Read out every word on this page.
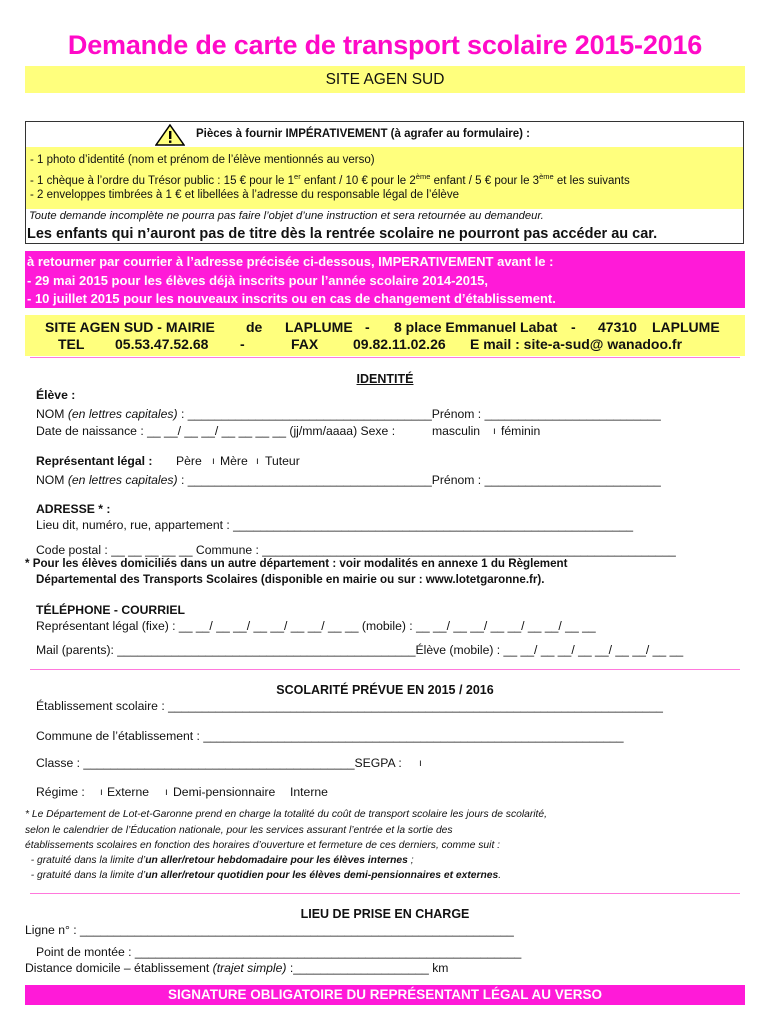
Demande de carte de transport scolaire 2015-2016
SITE AGEN SUD
Pièces à fournir IMPÉRATIVEMENT (à agrafer au formulaire) :
- 1 photo d’identité (nom et prénom de l’élève mentionnés au verso)
- 1 chèque à l’ordre du Trésor public : 15 € pour le 1er enfant / 10 € pour le 2ème enfant / 5 € pour le 3ème et les suivants
- 2 enveloppes timbrées à 1 € et libellées à l’adresse du responsable légal de l’élève
Toute demande incomplète ne pourra pas faire l’objet d’une instruction et sera retournée au demandeur.
Les enfants qui n’auront pas de titre dès la rentrée scolaire ne pourront pas accéder au car.
à retourner par courrier à l’adresse précisée ci-dessous, IMPERATIVEMENT avant le :
- 29 mai 2015 pour les élèves déjà inscrits pour l’année scolaire 2014-2015,
- 10 juillet 2015 pour les nouveaux inscrits ou en cas de changement d’établissement.
SITE AGEN SUD - MAIRIE de LAPLUME - 8 place Emmanuel Labat - 47310 LAPLUME
TEL 05.53.47.52.68 -	FAX 09.82.11.02.26 E mail : site-a-sud@ wanadoo.fr
IDENTITÉ
Élève :
NOM (en lettres capitales) : ____________________________________Prénom : __________________________
Date de naissance : __ __/ __ __/ __ __ __ __ (jj/mm/aaaa) Sexe :	masculin ı féminin
Représentant légal : Père ı Mère ı Tuteur
NOM (en lettres capitales) : ____________________________________Prénom : __________________________
ADRESSE * :
Lieu dit, numéro, rue, appartement : ___________________________________________________________
Code postal : __ __ __ __ __ Commune : _____________________________________________________________
* Pour les élèves domiciliés dans un autre département : voir modalités en annexe 1 du Règlement
Départemental des Transports Scolaires (disponible en mairie ou sur : www.lotetgaronne.fr).
TÉLÉPHONE - COURRIEL
Représentant légal (fixe) : __ __/ __ __/ __ __/ __ __/ __ __ (mobile) : __ __/ __ __/ __ __/ __ __/ __ __
Mail (parents): ____________________________________________Élève (mobile) : __ __/ __ __/ __ __/ __ __/ __ __
SCOLARITÉ PRÉVUE EN 2015 / 2016
Établissement scolaire : _________________________________________________________________________
Commune de l’établissement : ______________________________________________________________
Classe : ________________________________________SEGPA : ı
Régime : ı Externe ı Demi-pensionnaire Interne
* Le Département de Lot-et-Garonne prend en charge la totalité du coût de transport scolaire les jours de scolarité,
selon le calendrier de l’Éducation nationale, pour les services assurant l’entrée et la sortie des
établissements scolaires en fonction des horaires d’ouverture et fermeture de ces derniers, comme suit :
- gratuité dans la limite d’un aller/retour hebdomadaire pour les élèves internes ;
- gratuité dans la limite d’un aller/retour quotidien pour les élèves demi-pensionnaires et externes.
LIEU DE PRISE EN CHARGE
Ligne n° : ________________________________________________________________
Point de montée : _________________________________________________________
Distance domicile – établissement (trajet simple) :____________________ km
SIGNATURE OBLIGATOIRE DU REPRÉSENTANT LÉGAL AU VERSO
